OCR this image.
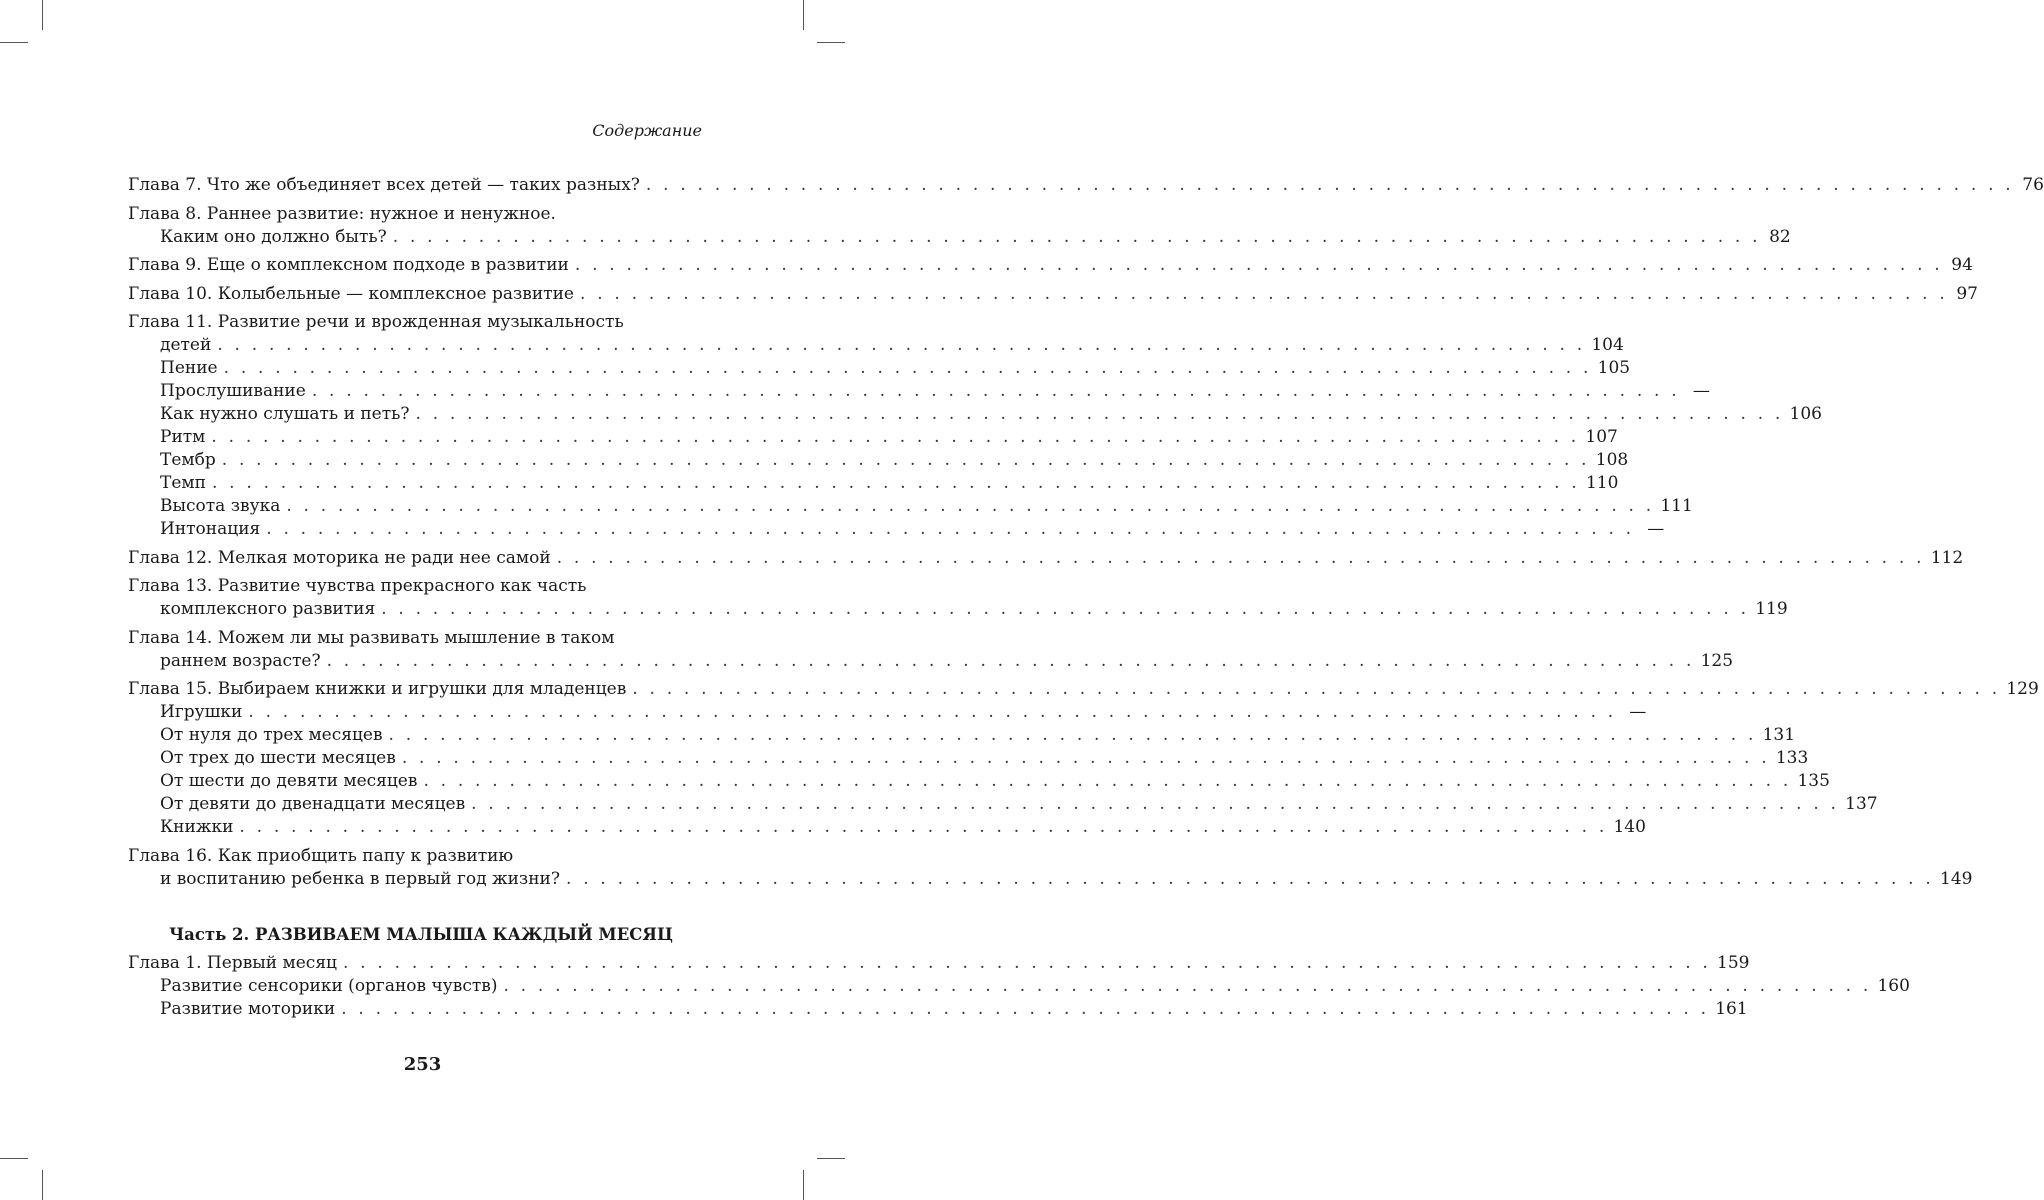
Содержание
Глава 7. Что же объединяет всех детей — таких разных? . . . . . . . . . . . . . . . . . . . . . . . . . . . . . . . . . . . . . . . . . . . . . . . . . . . . . . . . . . . . . . . . . . . . . . . . . . . . . . . . 76
Глава 8. Раннее развитие: нужное и ненужное.
Каким оно должно быть? . . . . . . . . . . . . . . . . . . . . . . . . . . . . . . . . . . . . . . . . . . . . . . . . . . . . . . . . . . . . . . . . . . . . . . . . . . . . . . . . 82
Глава 9. Еще о комплексном подходе в развитии . . . . . . . . . . . . . . . . . . . . . . . . . . . . . . . . . . . . . . . . . . . . . . . . . . . . . . . . . . . . . . . . . . . . . . . . . . . . . . . . 94
Глава 10. Колыбельные — комплексное развитие . . . . . . . . . . . . . . . . . . . . . . . . . . . . . . . . . . . . . . . . . . . . . . . . . . . . . . . . . . . . . . . . . . . . . . . . . . . . . . . . 97
Глава 11. Развитие речи и врожденная музыкальность
детей . . . . . . . . . . . . . . . . . . . . . . . . . . . . . . . . . . . . . . . . . . . . . . . . . . . . . . . . . . . . . . . . . . . . . . . . . . . . . . . . 104
Пение . . . . . . . . . . . . . . . . . . . . . . . . . . . . . . . . . . . . . . . . . . . . . . . . . . . . . . . . . . . . . . . . . . . . . . . . . . . . . . . . 105
Прослушивание . . . . . . . . . . . . . . . . . . . . . . . . . . . . . . . . . . . . . . . . . . . . . . . . . . . . . . . . . . . . . . . . . . . . . . . . . . . . . . . . —
Как нужно слушать и петь? . . . . . . . . . . . . . . . . . . . . . . . . . . . . . . . . . . . . . . . . . . . . . . . . . . . . . . . . . . . . . . . . . . . . . . . . . . . . . . . . 106
Ритм . . . . . . . . . . . . . . . . . . . . . . . . . . . . . . . . . . . . . . . . . . . . . . . . . . . . . . . . . . . . . . . . . . . . . . . . . . . . . . . . 107
Тембр . . . . . . . . . . . . . . . . . . . . . . . . . . . . . . . . . . . . . . . . . . . . . . . . . . . . . . . . . . . . . . . . . . . . . . . . . . . . . . . . 108
Темп . . . . . . . . . . . . . . . . . . . . . . . . . . . . . . . . . . . . . . . . . . . . . . . . . . . . . . . . . . . . . . . . . . . . . . . . . . . . . . . . 110
Высота звука . . . . . . . . . . . . . . . . . . . . . . . . . . . . . . . . . . . . . . . . . . . . . . . . . . . . . . . . . . . . . . . . . . . . . . . . . . . . . . . . 111
Интонация . . . . . . . . . . . . . . . . . . . . . . . . . . . . . . . . . . . . . . . . . . . . . . . . . . . . . . . . . . . . . . . . . . . . . . . . . . . . . . . . —
Глава 12. Мелкая моторика не ради нее самой . . . . . . . . . . . . . . . . . . . . . . . . . . . . . . . . . . . . . . . . . . . . . . . . . . . . . . . . . . . . . . . . . . . . . . . . . . . . . . . . 112
Глава 13. Развитие чувства прекрасного как часть
комплексного развития . . . . . . . . . . . . . . . . . . . . . . . . . . . . . . . . . . . . . . . . . . . . . . . . . . . . . . . . . . . . . . . . . . . . . . . . . . . . . . . . 119
Глава 14. Можем ли мы развивать мышление в таком
раннем возрасте? . . . . . . . . . . . . . . . . . . . . . . . . . . . . . . . . . . . . . . . . . . . . . . . . . . . . . . . . . . . . . . . . . . . . . . . . . . . . . . . . 125
Глава 15. Выбираем книжки и игрушки для младенцев . . . . . . . . . . . . . . . . . . . . . . . . . . . . . . . . . . . . . . . . . . . . . . . . . . . . . . . . . . . . . . . . . . . . . . . . . . . . . . . . 129
Игрушки . . . . . . . . . . . . . . . . . . . . . . . . . . . . . . . . . . . . . . . . . . . . . . . . . . . . . . . . . . . . . . . . . . . . . . . . . . . . . . . . —
От нуля до трех месяцев . . . . . . . . . . . . . . . . . . . . . . . . . . . . . . . . . . . . . . . . . . . . . . . . . . . . . . . . . . . . . . . . . . . . . . . . . . . . . . . . 131
От трех до шести месяцев . . . . . . . . . . . . . . . . . . . . . . . . . . . . . . . . . . . . . . . . . . . . . . . . . . . . . . . . . . . . . . . . . . . . . . . . . . . . . . . . 133
От шести до девяти месяцев . . . . . . . . . . . . . . . . . . . . . . . . . . . . . . . . . . . . . . . . . . . . . . . . . . . . . . . . . . . . . . . . . . . . . . . . . . . . . . . . 135
От девяти до двенадцати месяцев . . . . . . . . . . . . . . . . . . . . . . . . . . . . . . . . . . . . . . . . . . . . . . . . . . . . . . . . . . . . . . . . . . . . . . . . . . . . . . . . 137
Книжки . . . . . . . . . . . . . . . . . . . . . . . . . . . . . . . . . . . . . . . . . . . . . . . . . . . . . . . . . . . . . . . . . . . . . . . . . . . . . . . . 140
Глава 16. Как приобщить папу к развитию
и воспитанию ребенка в первый год жизни? . . . . . . . . . . . . . . . . . . . . . . . . . . . . . . . . . . . . . . . . . . . . . . . . . . . . . . . . . . . . . . . . . . . . . . . . . . . . . . . . 149
Часть 2. РАЗВИВАЕМ МАЛЫША КАЖДЫЙ МЕСЯЦ
Глава 1. Первый месяц . . . . . . . . . . . . . . . . . . . . . . . . . . . . . . . . . . . . . . . . . . . . . . . . . . . . . . . . . . . . . . . . . . . . . . . . . . . . . . . . 159
Развитие сенсорики (органов чувств) . . . . . . . . . . . . . . . . . . . . . . . . . . . . . . . . . . . . . . . . . . . . . . . . . . . . . . . . . . . . . . . . . . . . . . . . . . . . . . . . 160
Развитие моторики . . . . . . . . . . . . . . . . . . . . . . . . . . . . . . . . . . . . . . . . . . . . . . . . . . . . . . . . . . . . . . . . . . . . . . . . . . . . . . . . 161
253
